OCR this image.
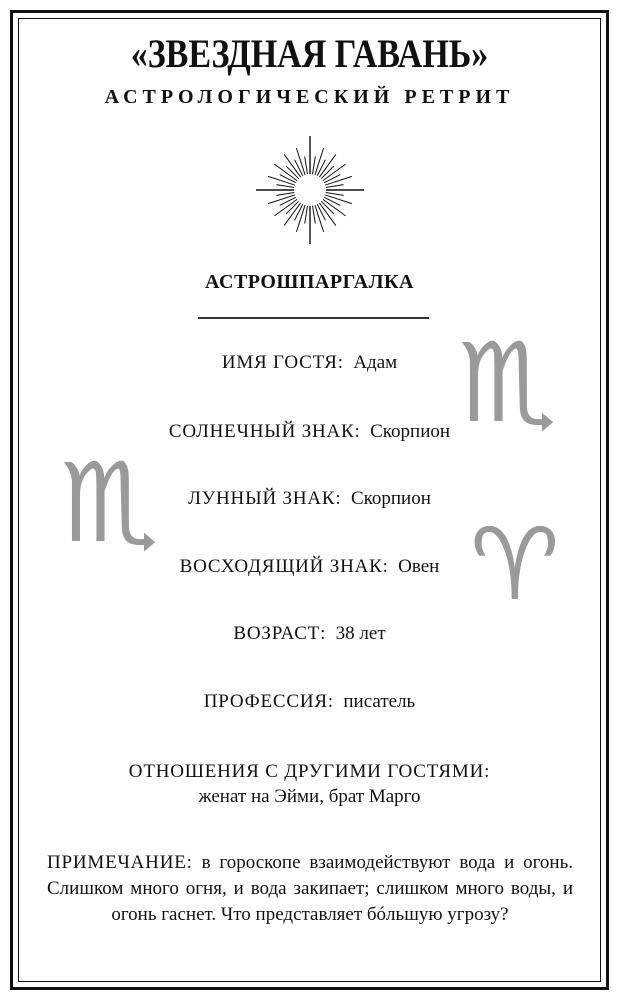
«ЗВЕЗДНАЯ ГАВАНЬ»
АСТРОЛОГИЧЕСКИЙ РЕТРИТ
АСТРОШПАРГАЛКА
♏
♏	♈
ИМЯ ГОСТЯ: Адам
СОЛНЕЧНЫЙ ЗНАК: Скорпион
ЛУННЫЙ ЗНАК: Скорпион
ВОСХОДЯЩИЙ ЗНАК: Овен
ВОЗРАСТ: 38 лет
ПРОФЕССИЯ: писатель
ОТНОШЕНИЯ С ДРУГИМИ ГОСТЯМИ:
женат на Эйми, брат Марго
ПРИМЕЧАНИЕ: в гороскопе взаимодействуют вода и огонь. Слишком много огня, и вода закипает; слишком много воды, и огонь гаснет. Что представляет бóльшую угрозу?
